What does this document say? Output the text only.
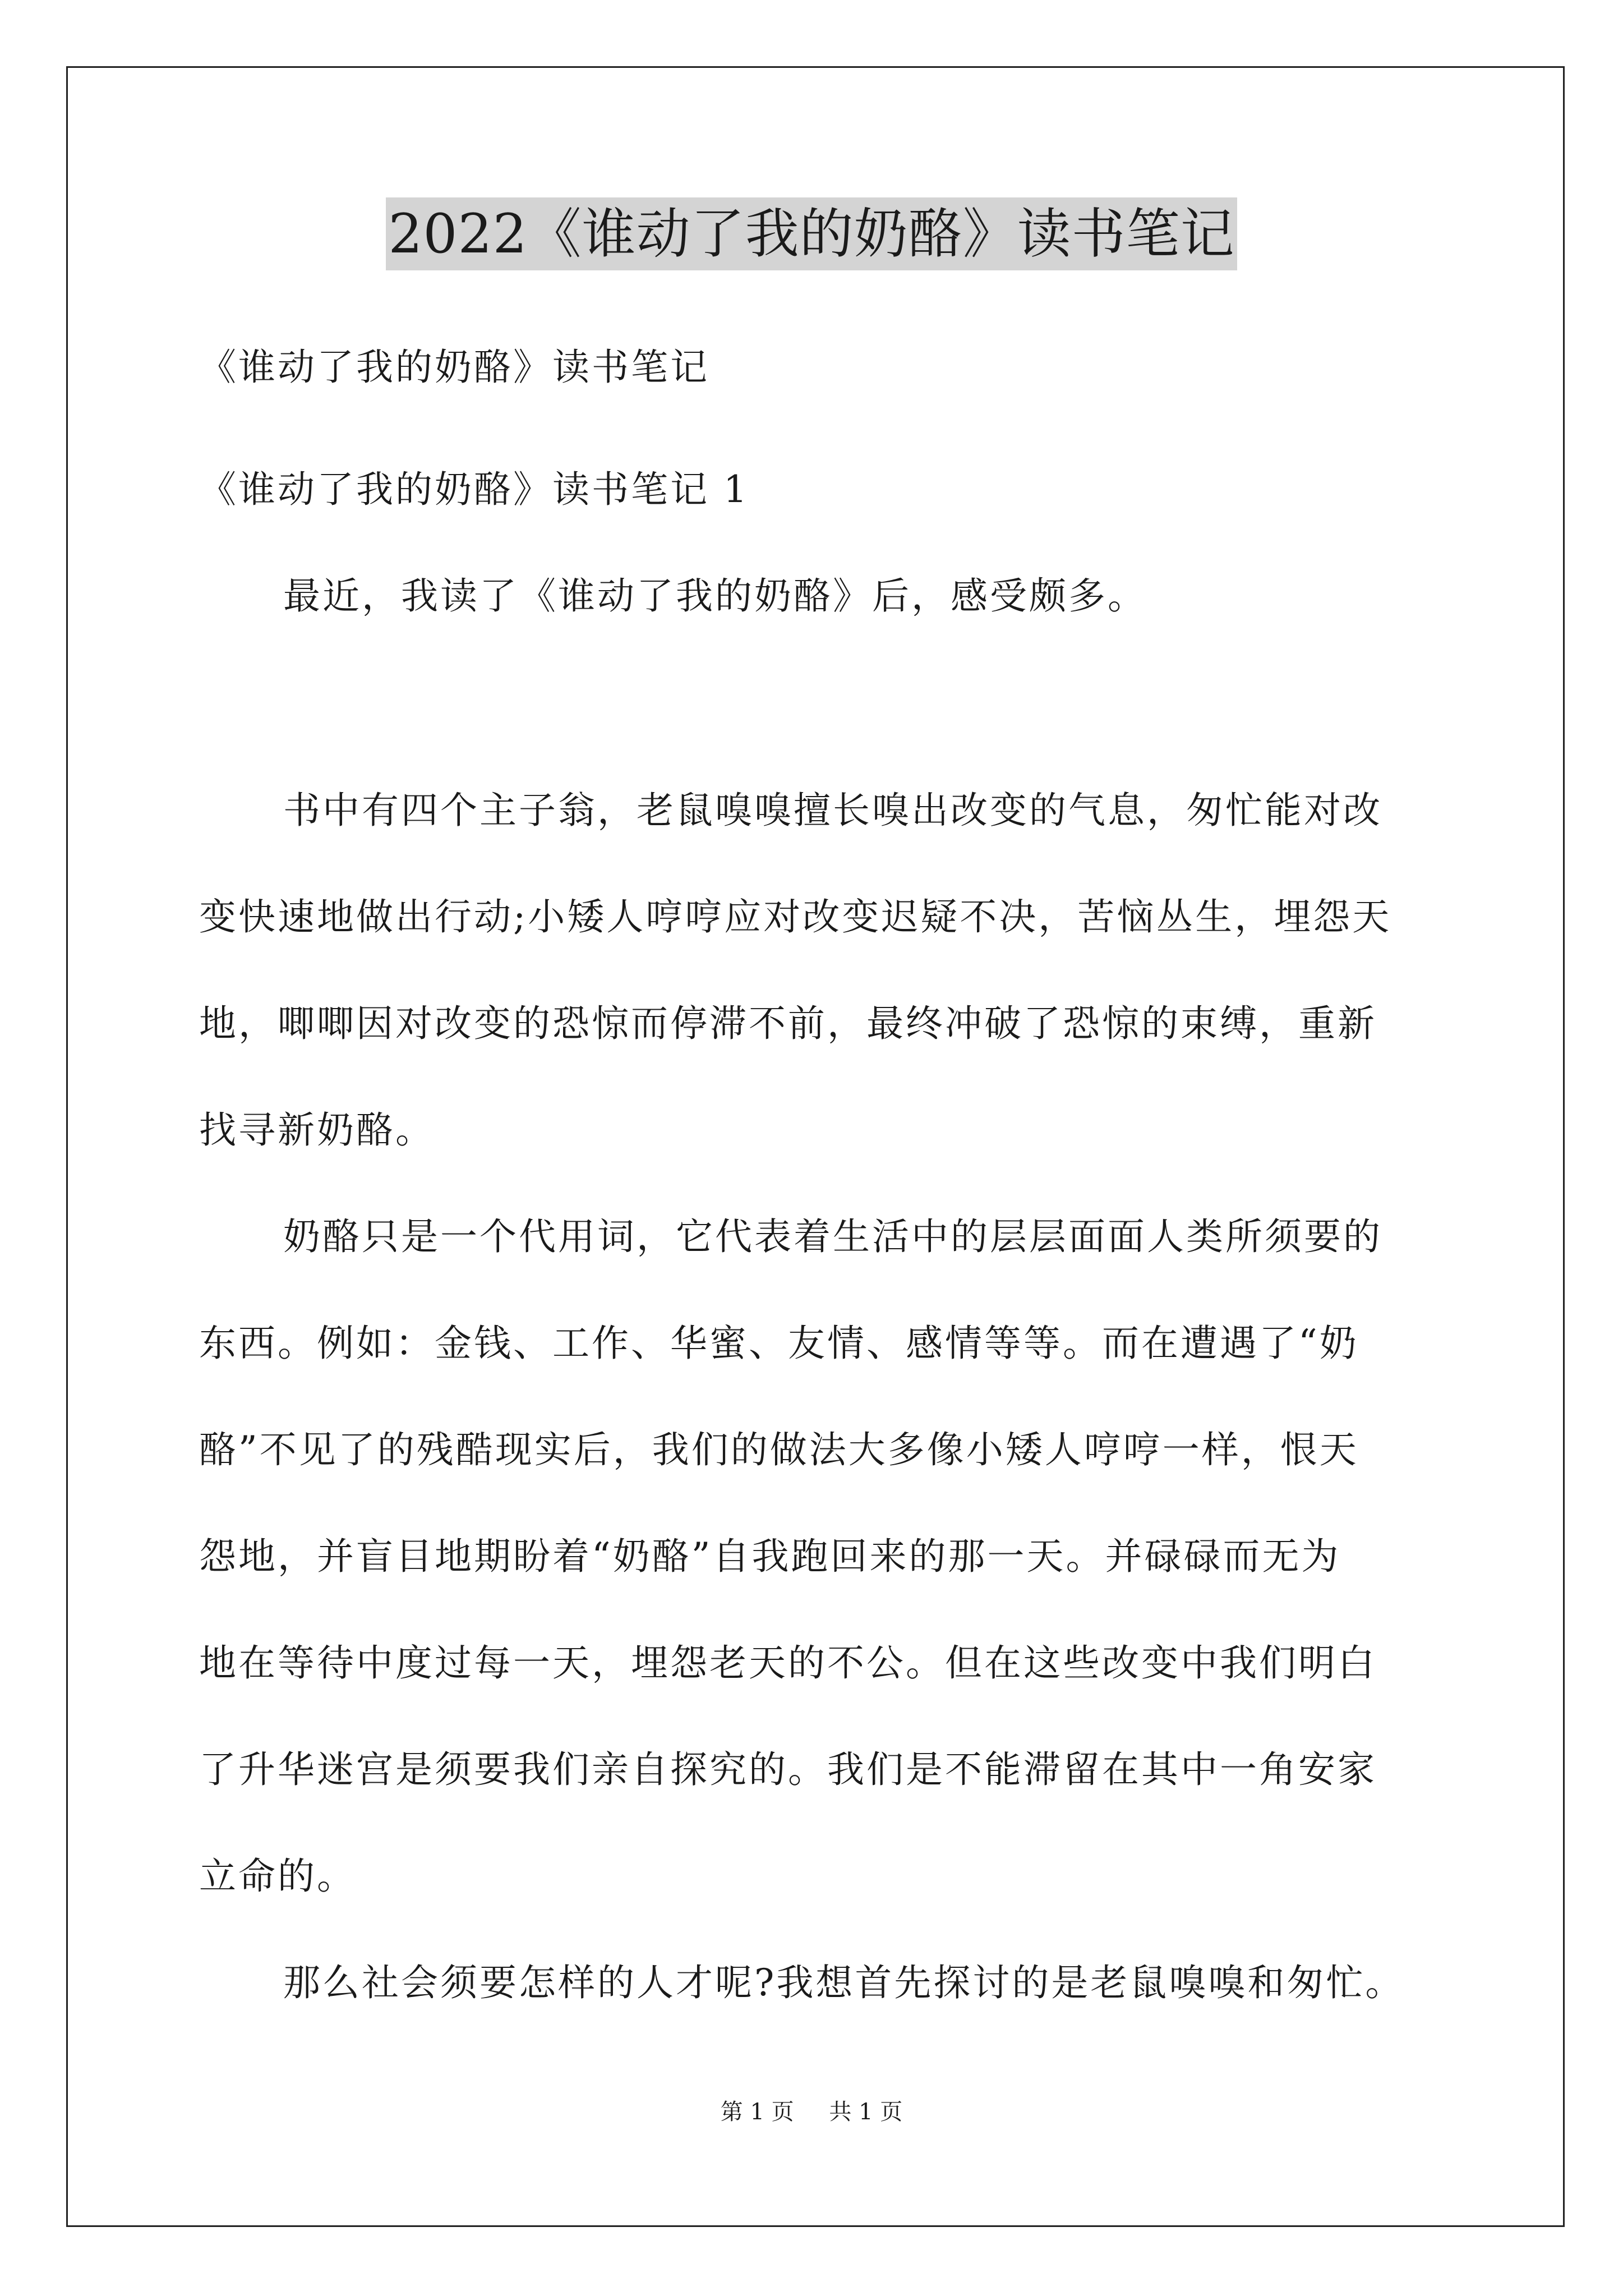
2022《谁动了我的奶酪》读书笔记
《谁动了我的奶酪》读书笔记
《谁动了我的奶酪》读书笔记 1
最近，我读了《谁动了我的奶酪》后，感受颇多。
书中有四个主子翁，老鼠嗅嗅擅长嗅出改变的气息，匆忙能对改
变快速地做出行动;小矮人哼哼应对改变迟疑不决，苦恼丛生，埋怨天
地，唧唧因对改变的恐惊而停滞不前，最终冲破了恐惊的束缚，重新
找寻新奶酪。
奶酪只是一个代用词，它代表着生活中的层层面面人类所须要的
东西。例如：金钱、工作、华蜜、友情、感情等等。而在遭遇了“奶
酪”不见了的残酷现实后，我们的做法大多像小矮人哼哼一样，恨天
怨地，并盲目地期盼着“奶酪”自我跑回来的那一天。并碌碌而无为
地在等待中度过每一天，埋怨老天的不公。但在这些改变中我们明白
了升华迷宫是须要我们亲自探究的。我们是不能滞留在其中一角安家
立命的。
那么社会须要怎样的人才呢?我想首先探讨的是老鼠嗅嗅和匆忙。
第 1 页 共 1 页
